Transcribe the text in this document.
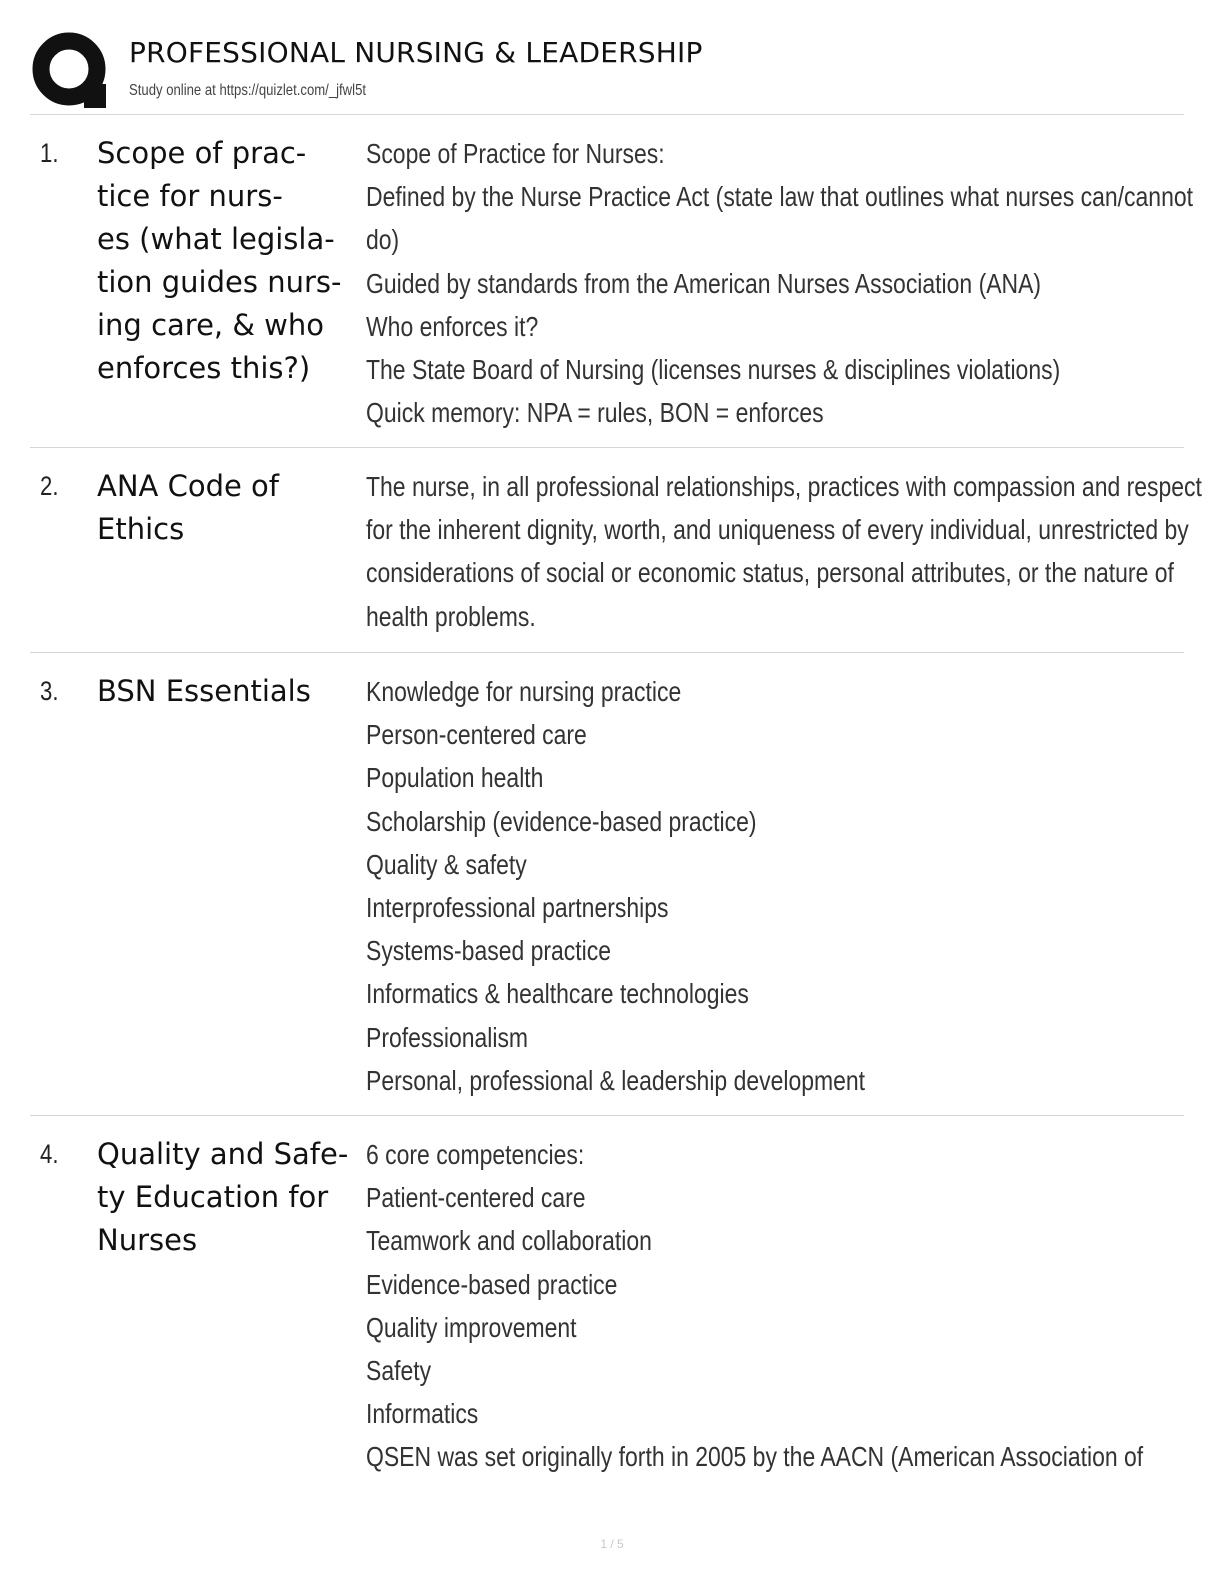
PROFESSIONAL NURSING & LEADERSHIP
Study online at https://quizlet.com/_jfwl5t
1. Scope of prac-
tice for nurs-
es (what legisla-
tion guides nurs-
ing care, & who
enforces this?)
Scope of Practice for Nurses:
Defined by the Nurse Practice Act (state law that outlines what nurses can/cannot
do)
Guided by standards from the American Nurses Association (ANA)
Who enforces it?
The State Board of Nursing (licenses nurses & disciplines violations)
Quick memory: NPA = rules, BON = enforces
2. ANA Code of
Ethics
The nurse, in all professional relationships, practices with compassion and respect
for the inherent dignity, worth, and uniqueness of every individual, unrestricted by
considerations of social or economic status, personal attributes, or the nature of
health problems.
3. BSN Essentials	Knowledge for nursing practice
Person-centered care
Population health
Scholarship (evidence-based practice)
Quality & safety
Interprofessional partnerships
Systems-based practice
Informatics & healthcare technologies
Professionalism
Personal, professional & leadership development
4. Quality and Safe-
ty Education for
Nurses
6 core competencies:
Patient-centered care
Teamwork and collaboration
Evidence-based practice
Quality improvement
Safety
Informatics
QSEN was set originally forth in 2005 by the AACN (American Association of
1 / 5
